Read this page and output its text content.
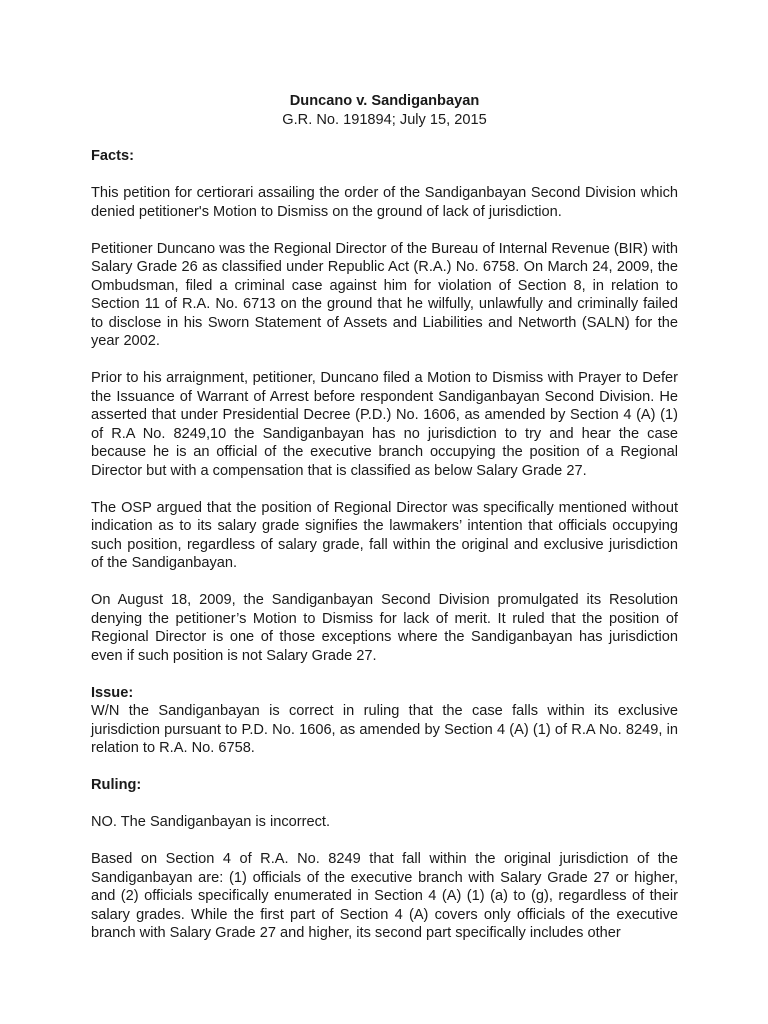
Duncano v. Sandiganbayan
G.R. No. 191894; July 15, 2015
Facts:

This petition for certiorari assailing the order of the Sandiganbayan Second Division which denied petitioner's Motion to Dismiss on the ground of lack of jurisdiction.

Petitioner Duncano was the Regional Director of the Bureau of Internal Revenue (BIR) with Salary Grade 26 as classified under Republic Act (R.A.) No. 6758. On March 24, 2009, the Ombudsman, filed a criminal case against him for violation of Section 8, in relation to Section 11 of R.A. No. 6713 on the ground that he wilfully, unlawfully and criminally failed to disclose in his Sworn Statement of Assets and Liabilities and Networth (SALN) for the year 2002.

Prior to his arraignment, petitioner, Duncano filed a Motion to Dismiss with Prayer to Defer the Issuance of Warrant of Arrest before respondent Sandiganbayan Second Division. He asserted that under Presidential Decree (P.D.) No. 1606, as amended by Section 4 (A) (1) of R.A No. 8249,10 the Sandiganbayan has no jurisdiction to try and hear the case because he is an official of the executive branch occupying the position of a Regional Director but with a compensation that is classified as below Salary Grade 27.

The OSP argued that the position of Regional Director was specifically mentioned without indication as to its salary grade signifies the lawmakers’ intention that officials occupying such position, regardless of salary grade, fall within the original and exclusive jurisdiction of the Sandiganbayan.

On August 18, 2009, the Sandiganbayan Second Division promulgated its Resolution denying the petitioner’s Motion to Dismiss for lack of merit. It ruled that the position of Regional Director is one of those exceptions where the Sandiganbayan has jurisdiction even if such position is not Salary Grade 27.

Issue:

W/N the Sandiganbayan is correct in ruling that the case falls within its exclusive jurisdiction pursuant to P.D. No. 1606, as amended by Section 4 (A) (1) of R.A No. 8249, in relation to R.A. No. 6758.

Ruling:

NO. The Sandiganbayan is incorrect.

Based on Section 4 of R.A. No. 8249 that fall within the original jurisdiction of the Sandiganbayan are: (1) officials of the executive branch with Salary Grade 27 or higher, and (2) officials specifically enumerated in Section 4 (A) (1) (a) to (g), regardless of their salary grades. While the first part of Section 4 (A) covers only officials of the executive branch with Salary Grade 27 and higher, its second part specifically includes other
